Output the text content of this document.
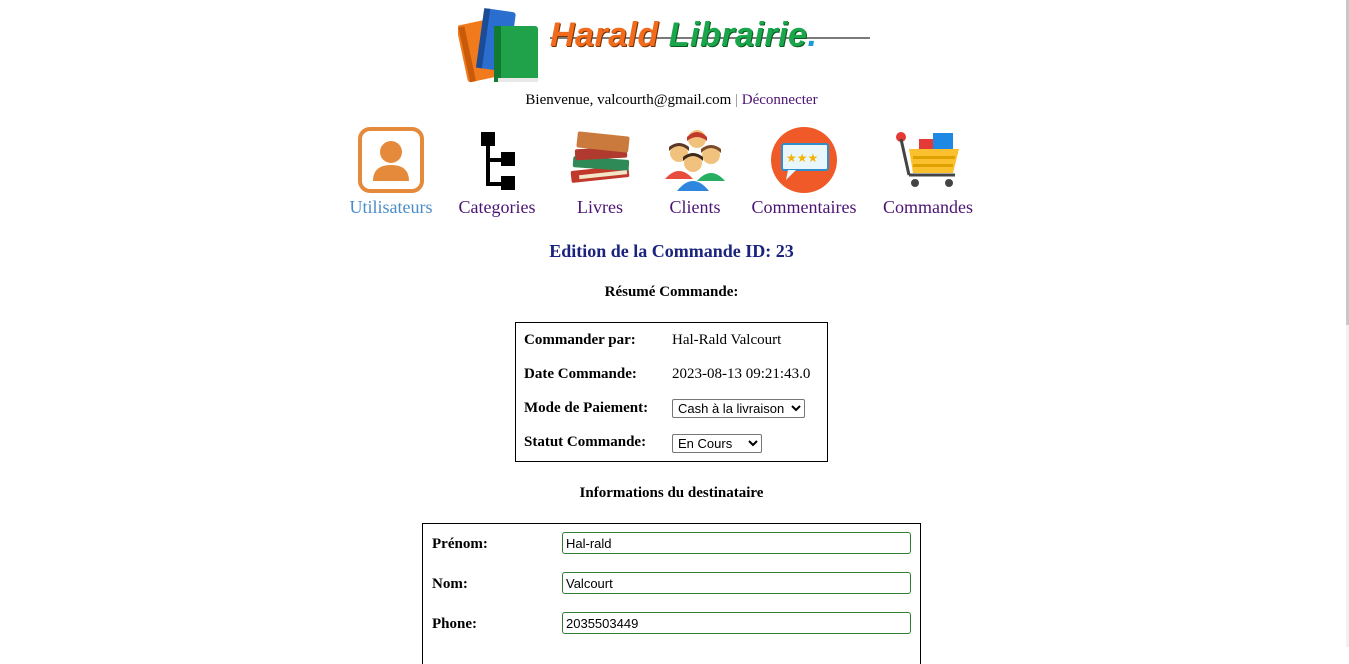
Harald Librairie.
Bienvenue, valcourth@gmail.com | Déconnecter
Utilisateurs Categories	Livres	Clients
★★★
Commentaires	Commandes
Edition de la Commande ID: 23
Résumé Commande:
Commander par: Hal-Rald Valcourt
Date Commande: 2023-08-13 09:21:43.0
Mode de Paiement:
Cash à la livraison
Statut Commande:
En Cours
Informations du destinataire
Prénom:
Hal-rald
Nom:
Valcourt
Phone:
2035503449
